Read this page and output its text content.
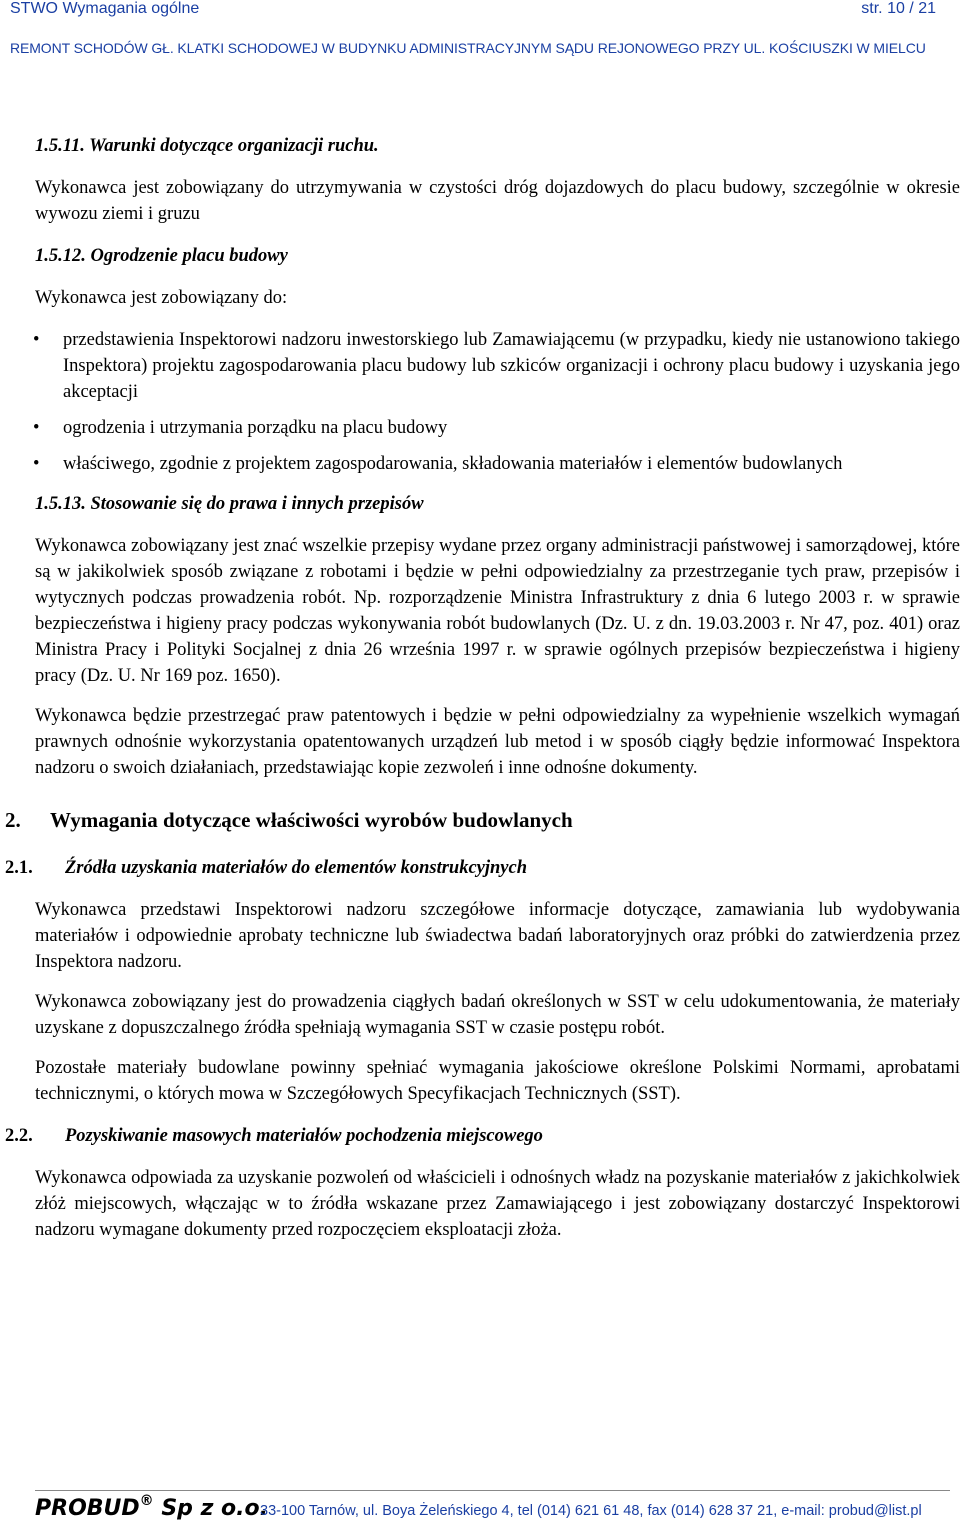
STWO Wymagania ogólne	str. 10 / 21
REMONT SCHODÓW GŁ. KLATKI SCHODOWEJ W BUDYNKU ADMINISTRACYJNYM SĄDU REJONOWEGO PRZY UL. KOŚCIUSZKI W MIELCU
1.5.11. Warunki dotyczące organizacji ruchu.

Wykonawca jest zobowiązany do utrzymywania w czystości dróg dojazdowych do placu budowy, szczególnie w okresie wywozu ziemi i gruzu

1.5.12. Ogrodzenie placu budowy

Wykonawca jest zobowiązany do:

• przedstawienia Inspektorowi nadzoru inwestorskiego lub Zamawiającemu (w przypadku, kiedy nie ustanowiono takiego Inspektora) projektu zagospodarowania placu budowy lub szkiców organizacji i ochrony placu budowy i uzyskania jego akceptacji
• ogrodzenia i utrzymania porządku na placu budowy
• właściwego, zgodnie z projektem zagospodarowania, składowania materiałów i elementów budowlanych
1.5.13. Stosowanie się do prawa i innych przepisów

Wykonawca zobowiązany jest znać wszelkie przepisy wydane przez organy administracji państwowej i samorządowej, które są w jakikolwiek sposób związane z robotami i będzie w pełni odpowiedzialny za przestrzeganie tych praw, przepisów i wytycznych podczas prowadzenia robót. Np. rozporządzenie Ministra Infrastruktury z dnia 6 lutego 2003 r. w sprawie bezpieczeństwa i higieny pracy podczas wykonywania robót budowlanych (Dz. U. z dn. 19.03.2003 r. Nr 47, poz. 401) oraz Ministra Pracy i Polityki Socjalnej z dnia 26 września 1997 r. w sprawie ogólnych przepisów bezpieczeństwa i higieny pracy (Dz. U. Nr 169 poz. 1650).

Wykonawca będzie przestrzegać praw patentowych i będzie w pełni odpowiedzialny za wypełnienie wszelkich wymagań prawnych odnośnie wykorzystania opatentowanych urządzeń lub metod i w sposób ciągły będzie informować Inspektora nadzoru o swoich działaniach, przedstawiając kopie zezwoleń i inne odnośne dokumenty.

2. Wymagania dotyczące właściwości wyrobów budowlanych
2.1. Źródła uzyskania materiałów do elementów konstrukcyjnych

Wykonawca przedstawi Inspektorowi nadzoru szczegółowe informacje dotyczące, zamawiania lub wydobywania materiałów i odpowiednie aprobaty techniczne lub świadectwa badań laboratoryjnych oraz próbki do zatwierdzenia przez Inspektora nadzoru.

Wykonawca zobowiązany jest do prowadzenia ciągłych badań określonych w SST w celu udokumentowania, że materiały uzyskane z dopuszczalnego źródła spełniają wymagania SST w czasie postępu robót.

Pozostałe materiały budowlane powinny spełniać wymagania jakościowe określone Polskimi Normami, aprobatami technicznymi, o których mowa w Szczegółowych Specyfikacjach Technicznych (SST).

2.2. Pozyskiwanie masowych materiałów pochodzenia miejscowego

Wykonawca odpowiada za uzyskanie pozwoleń od właścicieli i odnośnych władz na pozyskanie materiałów z jakichkolwiek złóż miejscowych, włączając w to źródła wskazane przez Zamawiającego i jest zobowiązany dostarczyć Inspektorowi nadzoru wymagane dokumenty przed rozpoczęciem eksploatacji złoża.

PROBUD® Sp z o.o.
33-100 Tarnów, ul. Boya Żeleńskiego 4, tel (014) 621 61 48, fax (014) 628 37 21, e-mail: probud@list.pl
